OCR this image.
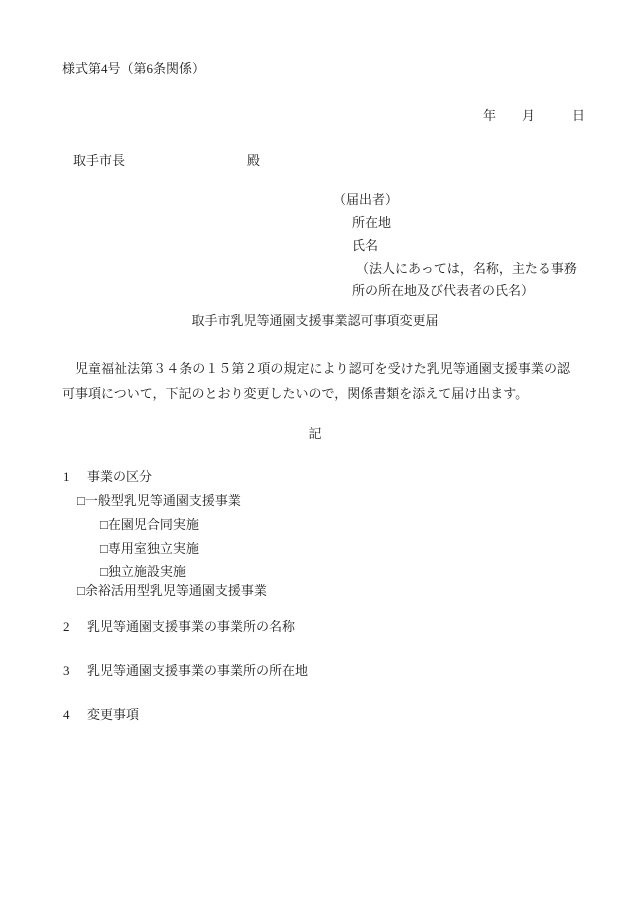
様式第4号（第6条関係）
年 月	日
取手市長	殿
（届出者）
所在地
氏名
（法人にあっては，名称，主たる事務
所の所在地及び代表者の氏名）
取手市乳児等通園支援事業認可事項変更届
　児童福祉法第３４条の１５第２項の規定により認可を受けた乳児等通園支援事業の認可事項について，下記のとおり変更したいので，関係書類を添えて届け出ます。
記
1 事業の区分
□一般型乳児等通園支援事業
□在園児合同実施
□専用室独立実施
□独立施設実施
□余裕活用型乳児等通園支援事業
2 乳児等通園支援事業の事業所の名称
3 乳児等通園支援事業の事業所の所在地
4 変更事項
